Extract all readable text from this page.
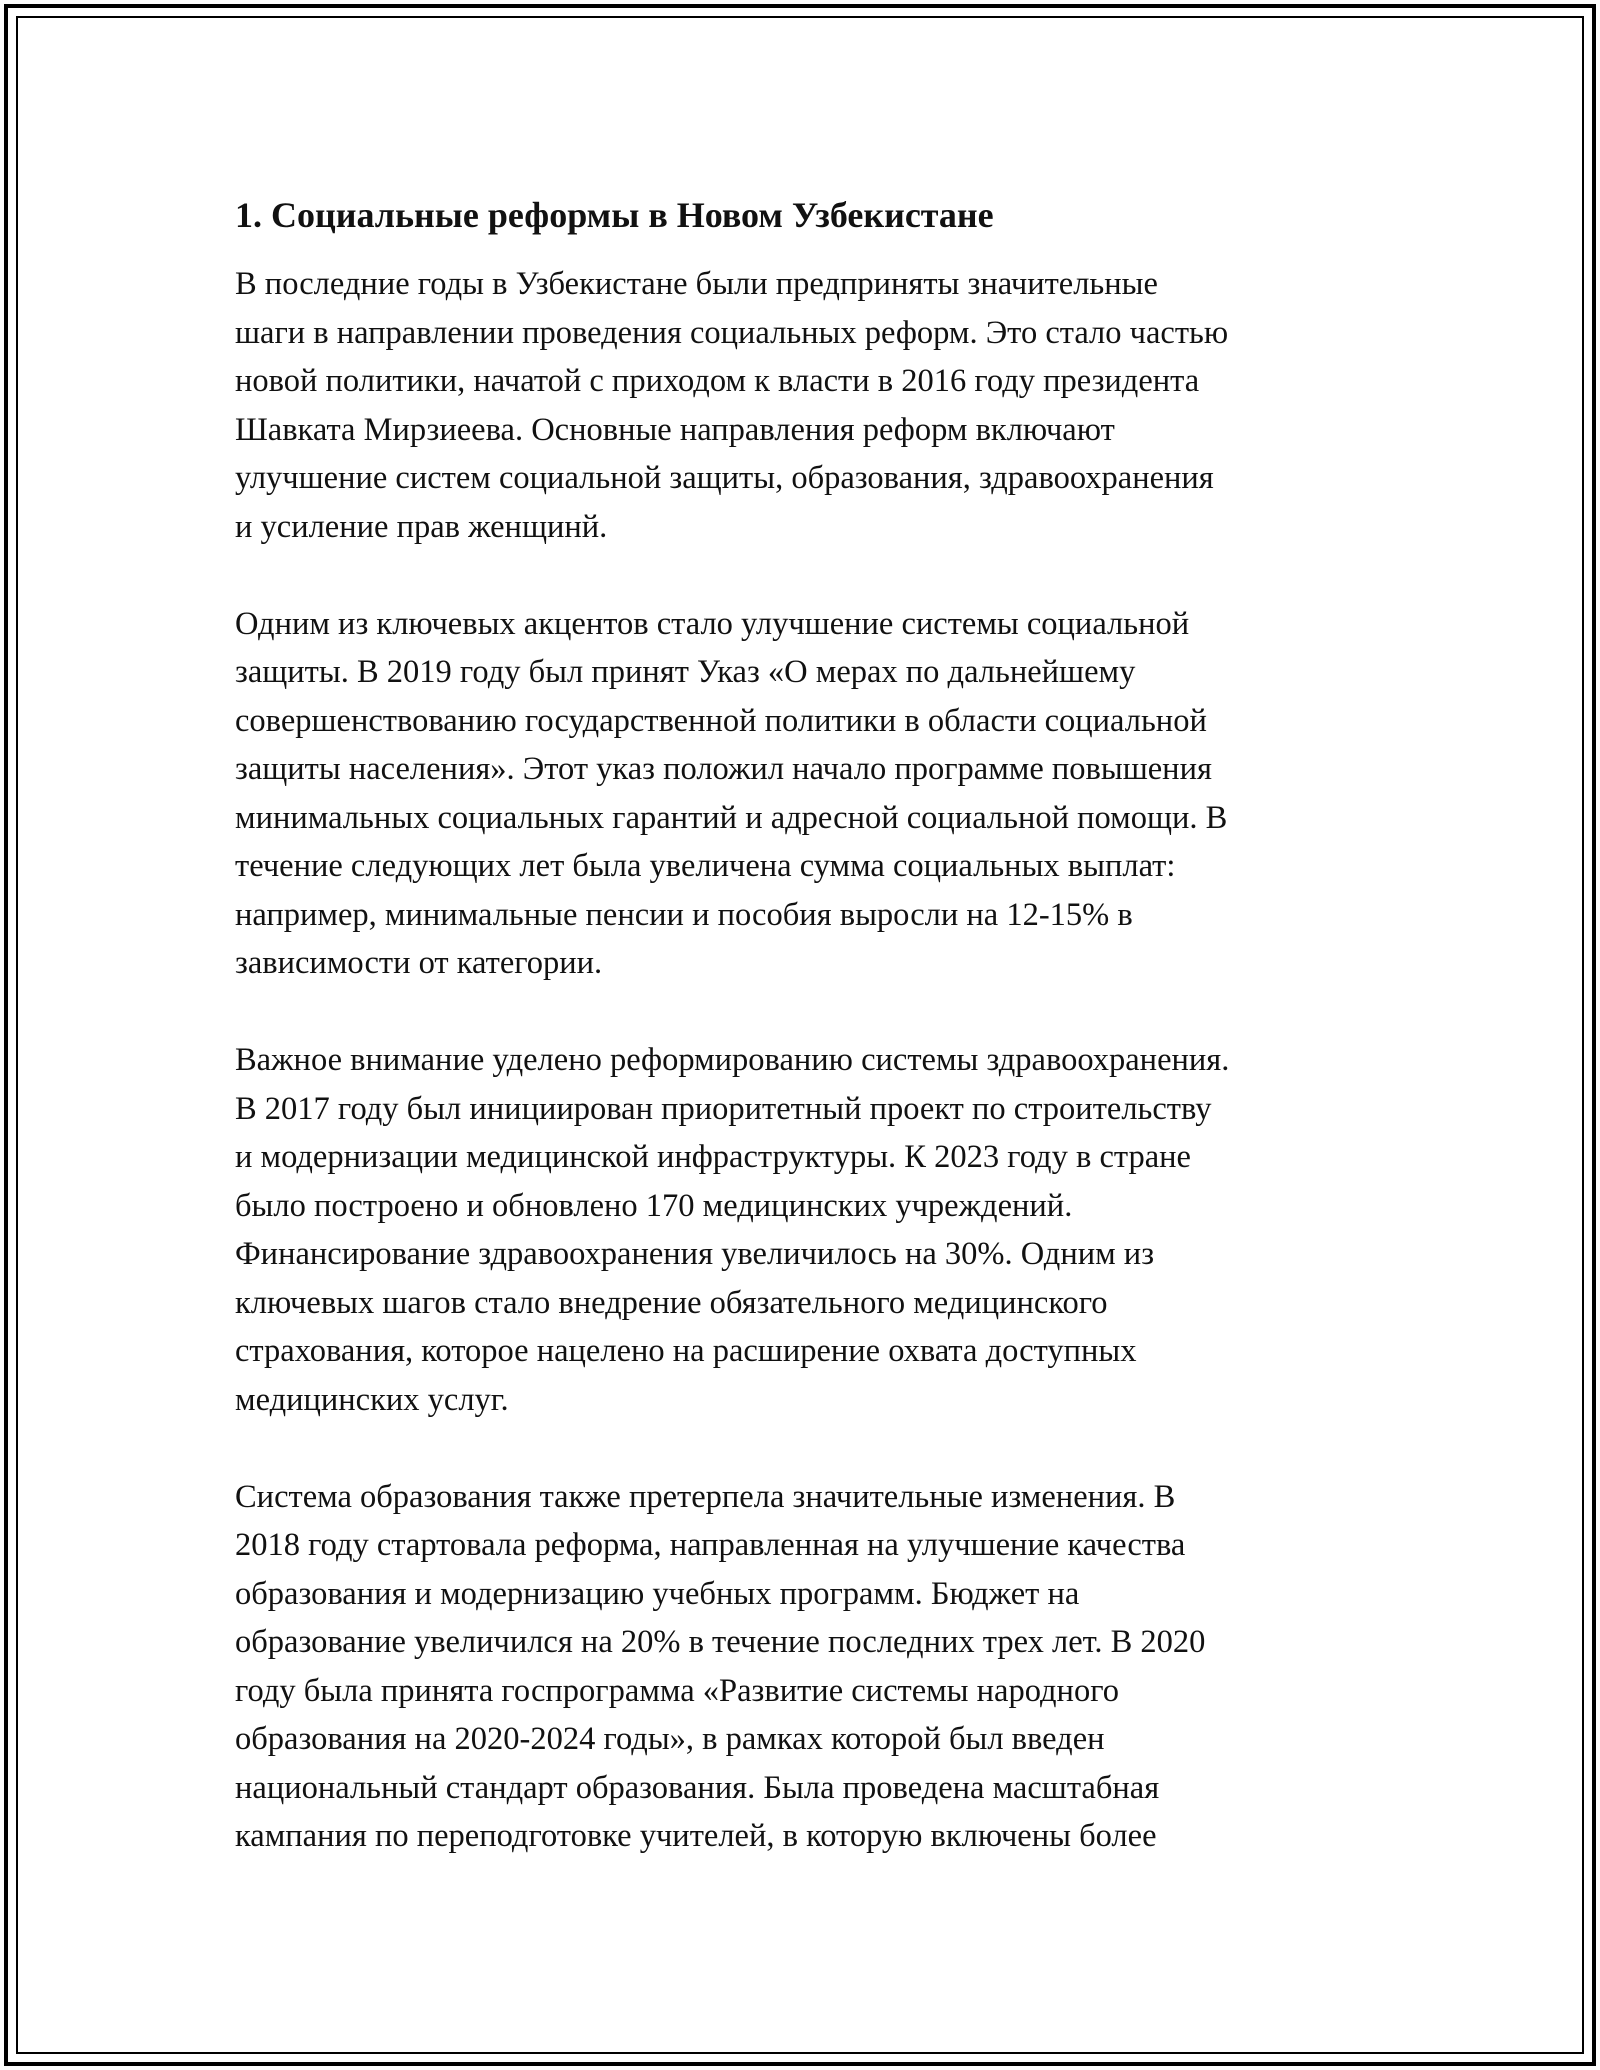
1. Социальные реформы в Новом Узбекистане

В последние годы в Узбекистане были предприняты значительные
шаги в направлении проведения социальных реформ. Это стало частью
новой политики, начатой с приходом к власти в 2016 году президента
Шавката Мирзиеева. Основные направления реформ включают
улучшение систем социальной защиты, образования, здравоохранения
и усиление прав женщинй.

Одним из ключевых акцентов стало улучшение системы социальной
защиты. В 2019 году был принят Указ «О мерах по дальнейшему
совершенствованию государственной политики в области социальной
защиты населения». Этот указ положил начало программе повышения
минимальных социальных гарантий и адресной социальной помощи. В
течение следующих лет была увеличена сумма социальных выплат:
например, минимальные пенсии и пособия выросли на 12-15% в
зависимости от категории.

Важное внимание уделено реформированию системы здравоохранения.
В 2017 году был инициирован приоритетный проект по строительству
и модернизации медицинской инфраструктуры. К 2023 году в стране
было построено и обновлено 170 медицинских учреждений.
Финансирование здравоохранения увеличилось на 30%. Одним из
ключевых шагов стало внедрение обязательного медицинского
страхования, которое нацелено на расширение охвата доступных
медицинских услуг.

Система образования также претерпела значительные изменения. В
2018 году стартовала реформа, направленная на улучшение качества
образования и модернизацию учебных программ. Бюджет на
образование увеличился на 20% в течение последних трех лет. В 2020
году была принята госпрограмма «Развитие системы народного
образования на 2020-2024 годы», в рамках которой был введен
национальный стандарт образования. Была проведена масштабная
кампания по переподготовке учителей, в которую включены более
